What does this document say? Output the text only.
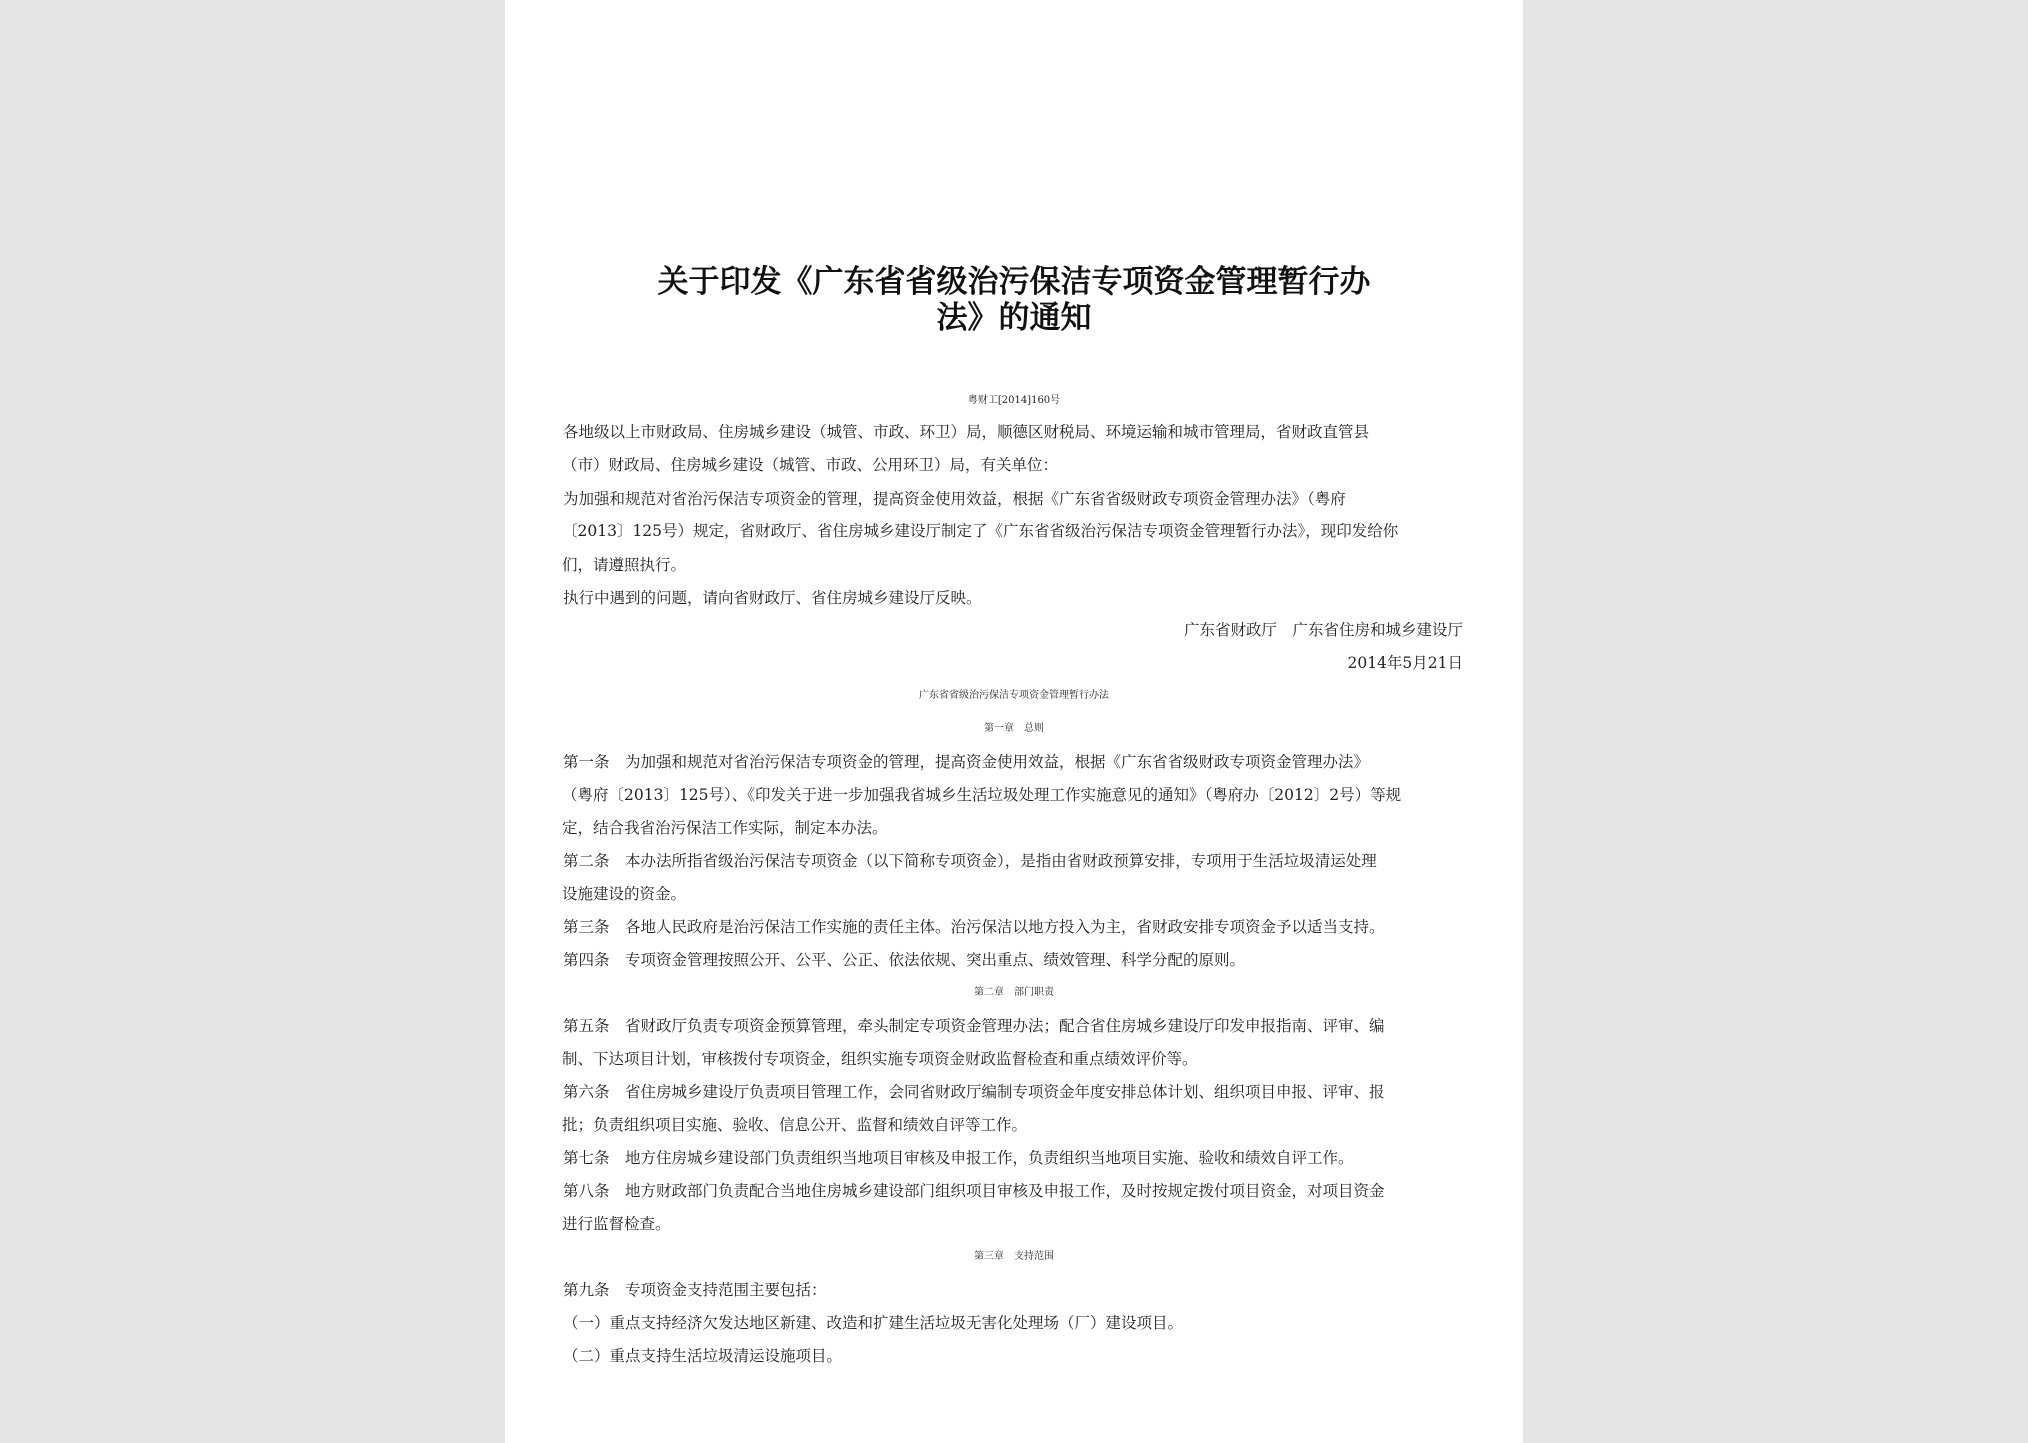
关于印发《广东省省级治污保洁专项资金管理暂行办
法》的通知

粤财工[2014]160号

各地级以上市财政局、住房城乡建设（城管、市政、环卫）局，顺德区财税局、环境运输和城市管理局，省财政直管县

（市）财政局、住房城乡建设（城管、市政、公用环卫）局，有关单位：

为加强和规范对省治污保洁专项资金的管理，提高资金使用效益，根据《广东省省级财政专项资金管理办法》（粤府

〔2013〕125号）规定，省财政厅、省住房城乡建设厅制定了《广东省省级治污保洁专项资金管理暂行办法》，现印发给你

们，请遵照执行。

执行中遇到的问题，请向省财政厅、省住房城乡建设厅反映。

广东省财政厅　广东省住房和城乡建设厅

2014年5月21日

广东省省级治污保洁专项资金管理暂行办法

第一章　总则

第一条　为加强和规范对省治污保洁专项资金的管理，提高资金使用效益，根据《广东省省级财政专项资金管理办法》

（粤府〔2013〕125号）、《印发关于进一步加强我省城乡生活垃圾处理工作实施意见的通知》（粤府办〔2012〕2号）等规

定，结合我省治污保洁工作实际，制定本办法。

第二条　本办法所指省级治污保洁专项资金（以下简称专项资金），是指由省财政预算安排，专项用于生活垃圾清运处理

设施建设的资金。

第三条　各地人民政府是治污保洁工作实施的责任主体。治污保洁以地方投入为主，省财政安排专项资金予以适当支持。

第四条　专项资金管理按照公开、公平、公正、依法依规、突出重点、绩效管理、科学分配的原则。

第二章　部门职责

第五条　省财政厅负责专项资金预算管理，牵头制定专项资金管理办法；配合省住房城乡建设厅印发申报指南、评审、编

制、下达项目计划，审核拨付专项资金，组织实施专项资金财政监督检查和重点绩效评价等。

第六条　省住房城乡建设厅负责项目管理工作，会同省财政厅编制专项资金年度安排总体计划、组织项目申报、评审、报

批；负责组织项目实施、验收、信息公开、监督和绩效自评等工作。

第七条　地方住房城乡建设部门负责组织当地项目审核及申报工作，负责组织当地项目实施、验收和绩效自评工作。

第八条　地方财政部门负责配合当地住房城乡建设部门组织项目审核及申报工作，及时按规定拨付项目资金，对项目资金

进行监督检查。

第三章　支持范围

第九条　专项资金支持范围主要包括：

（一）重点支持经济欠发达地区新建、改造和扩建生活垃圾无害化处理场（厂）建设项目。

（二）重点支持生活垃圾清运设施项目。
